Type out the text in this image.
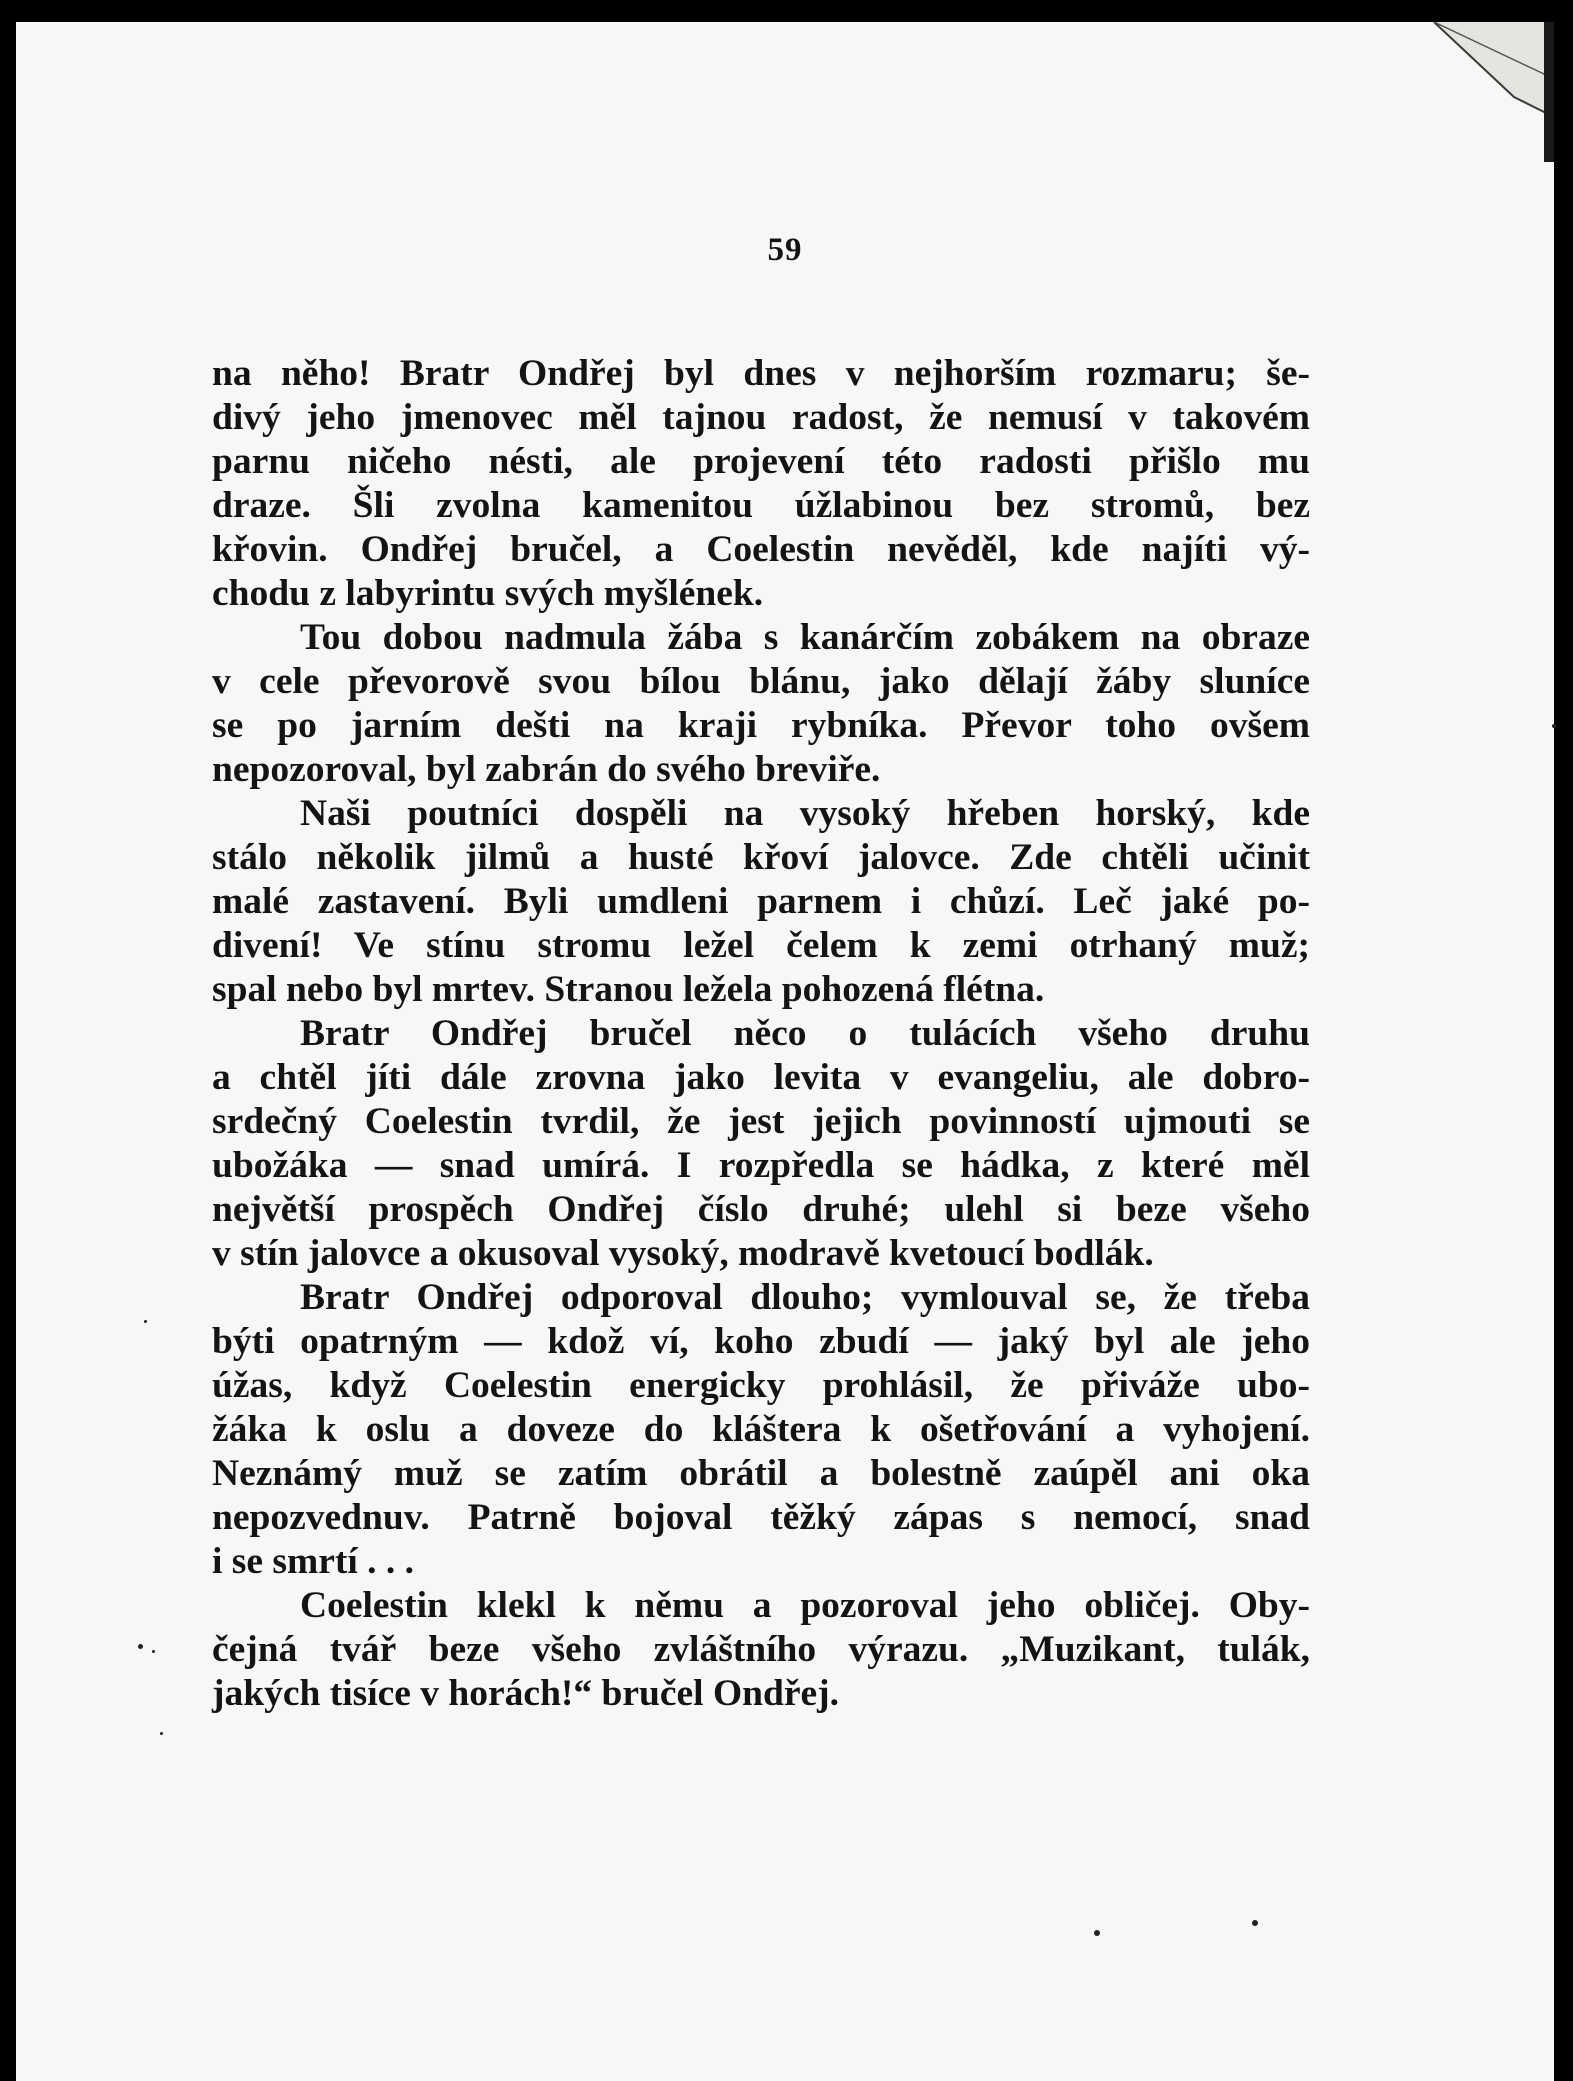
59
na něho! Bratr Ondřej byl dnes v nejhorším rozmaru; še-
divý jeho jmenovec měl tajnou radost, že nemusí v takovém
parnu ničeho nésti, ale projevení této radosti přišlo mu
draze. Šli zvolna kamenitou úžlabinou bez stromů, bez
křovin. Ondřej bručel, a Coelestin nevěděl, kde najíti vý-
chodu z labyrintu svých myšlének.
Tou dobou nadmula žába s kanárčím zobákem na obraze
v cele převorově svou bílou blánu, jako dělají žáby sluníce
se po jarním dešti na kraji rybníka. Převor toho ovšem
nepozoroval, byl zabrán do svého breviře.
Naši poutníci dospěli na vysoký hřeben horský, kde
stálo několik jilmů a husté křoví jalovce. Zde chtěli učinit
malé zastavení. Byli umdleni parnem i chůzí. Leč jaké po-
divení! Ve stínu stromu ležel čelem k zemi otrhaný muž;
spal nebo byl mrtev. Stranou ležela pohozená flétna.
Bratr Ondřej bručel něco o tulácích všeho druhu
a chtěl jíti dále zrovna jako levita v evangeliu, ale dobro-
srdečný Coelestin tvrdil, že jest jejich povinností ujmouti se
ubožáka — snad umírá. I rozpředla se hádka, z které měl
největší prospěch Ondřej číslo druhé; ulehl si beze všeho
v stín jalovce a okusoval vysoký, modravě kvetoucí bodlák.
Bratr Ondřej odporoval dlouho; vymlouval se, že třeba
býti opatrným — kdož ví, koho zbudí — jaký byl ale jeho
úžas, když Coelestin energicky prohlásil, že přiváže ubo-
žáka k oslu a doveze do kláštera k ošetřování a vyhojení.
Neznámý muž se zatím obrátil a bolestně zaúpěl ani oka
nepozvednuv. Patrně bojoval těžký zápas s nemocí, snad
i se smrtí . . .
Coelestin klekl k němu a pozoroval jeho obličej. Oby-
čejná tvář beze všeho zvláštního výrazu. „Muzikant, tulák,
jakých tisíce v horách!“ bručel Ondřej.
